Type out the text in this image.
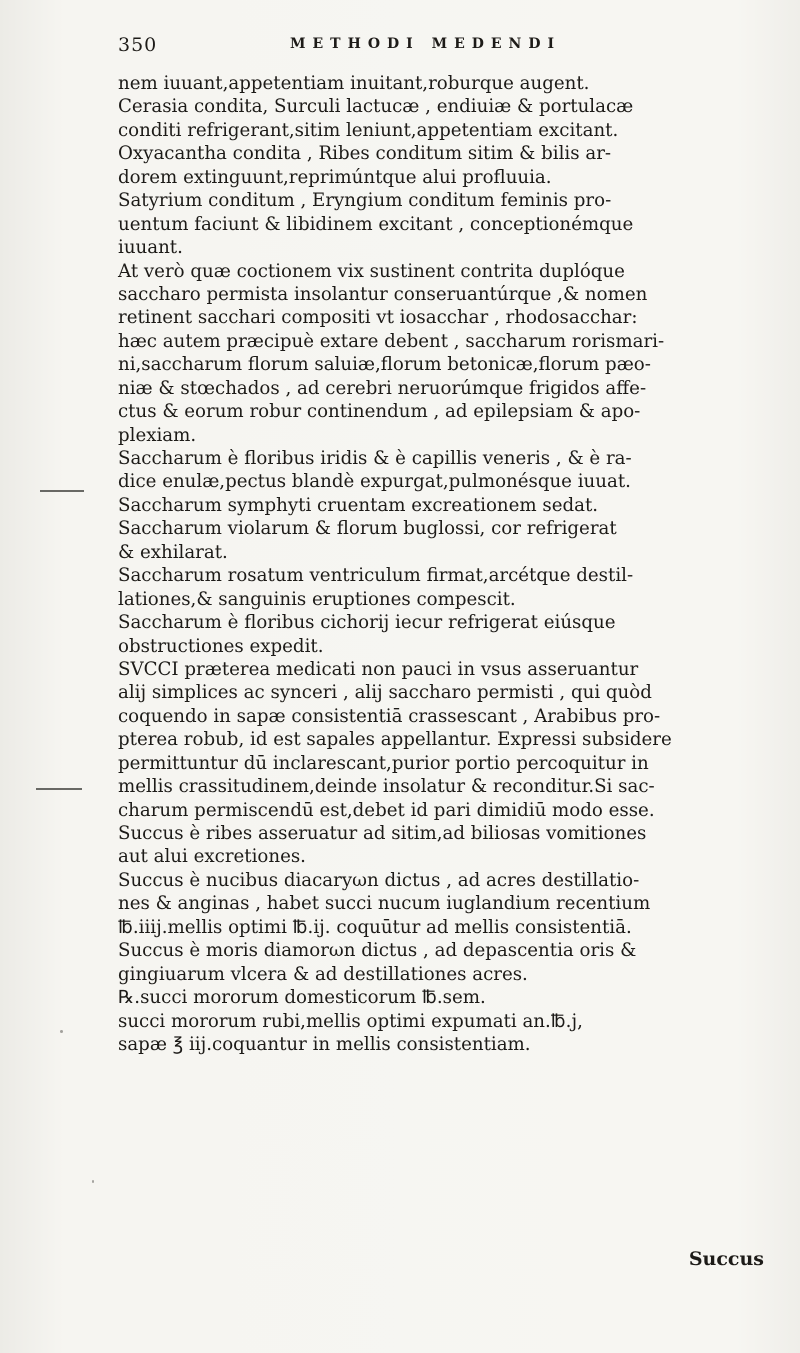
350	METHODI MEDENDI
nem iuuant,appetentiam inuitant,roburque augent.
Cerasia condita, Surculi lactucæ , endiuiæ & portulacæ
conditi refrigerant,sitim leniunt,appetentiam excitant.
Oxyacantha condita , Ribes conditum sitim & bilis ar-
dorem extinguunt,reprimúntque alui profluuia.
Satyrium conditum , Eryngium conditum feminis pro-
uentum faciunt & libidinem excitant , conceptionémque
iuuant.
At verò quæ coctionem vix sustinent contrita duplóque
saccharo permista insolantur conseruantúrque ,& nomen
retinent sacchari compositi vt iosacchar , rhodosacchar:
hæc autem præcipuè extare debent , saccharum rorismari-
ni,saccharum florum saluiæ,florum betonicæ,florum pæo-
niæ & stœchados , ad cerebri neruorúmque frigidos affe-
ctus & eorum robur continendum , ad epilepsiam & apo-
plexiam.
Saccharum è floribus iridis & è capillis veneris , & è ra-
dice enulæ,pectus blandè expurgat,pulmonésque iuuat.
Saccharum symphyti cruentam excreationem sedat.
Saccharum violarum & florum buglossi, cor refrigerat
& exhilarat.
Saccharum rosatum ventriculum firmat,arcétque destil-
lationes,& sanguinis eruptiones compescit.
Saccharum è floribus cichorij iecur refrigerat eiúsque
obstructiones expedit.
SVCCI præterea medicati non pauci in vsus asseruantur
alij simplices ac synceri , alij saccharo permisti , qui quòd
coquendo in sapæ consistentiā crassescant , Arabibus pro-
pterea robub, id est sapales appellantur. Expressi subsidere
permittuntur dū inclarescant,purior portio percoquitur in
mellis crassitudinem,deinde insolatur & reconditur.Si sac-
charum permiscendū est,debet id pari dimidiū modo esse.
Succus è ribes asseruatur ad sitim,ad biliosas vomitiones
aut alui excretiones.
Succus è nucibus diacaryωn dictus , ad acres destillatio-
nes & anginas , habet succi nucum iuglandium recentium
℔.iiij.mellis optimi ℔.ij. coquūtur ad mellis consistentiā.
Succus è moris diamorωn dictus , ad depascentia oris &
gingiuarum vlcera & ad destillationes acres.
℞.succi mororum domesticorum ℔.sem.
succi mororum rubi,mellis optimi expumati an.℔.j,
sapæ ℥ iij.coquantur in mellis consistentiam.
Succus
